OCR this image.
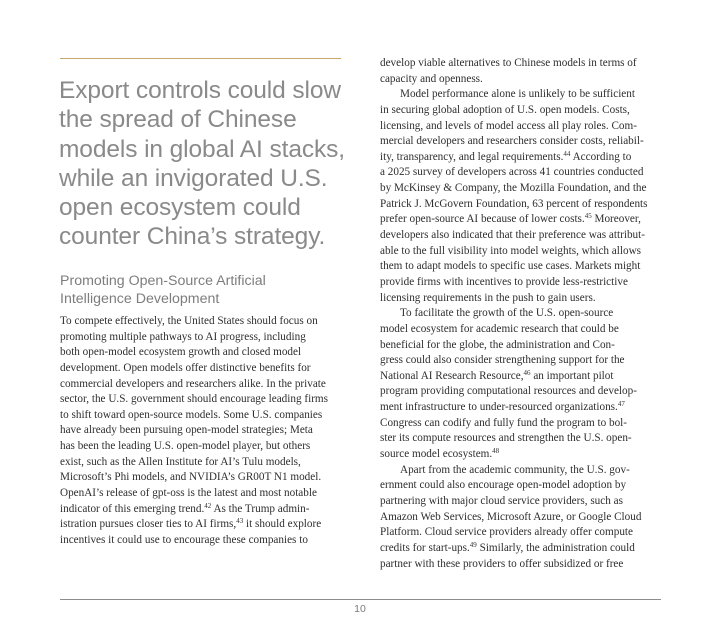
Export controls could slow the spread of Chinese models in global AI stacks, while an invigorated U.S. open ecosystem could counter China’s strategy.

Promoting Open-Source Artificial Intelligence Development
To compete effectively, the United States should focus on
promoting multiple pathways to AI progress, including
both open-model ecosystem growth and closed model
development. Open models offer distinctive benefits for
commercial developers and researchers alike. In the private
sector, the U.S. government should encourage leading firms
to shift toward open-source models. Some U.S. companies
have already been pursuing open-model strategies; Meta
has been the leading U.S. open-model player, but others
exist, such as the Allen Institute for AI’s Tulu models,
Microsoft’s Phi models, and NVIDIA’s GR00T N1 model.
OpenAI’s release of gpt-oss is the latest and most notable
indicator of this emerging trend.$^{42}$ As the Trump admin-
istration pursues closer ties to AI firms,$^{43}$ it should explore
incentives it could use to encourage these companies to
develop viable alternatives to Chinese models in terms of
capacity and openness.
Model performance alone is unlikely to be sufficient
in securing global adoption of U.S. open models. Costs,
licensing, and levels of model access all play roles. Com-
mercial developers and researchers consider costs, reliabil-
ity, transparency, and legal requirements.$^{44}$ According to
a 2025 survey of developers across 41 countries conducted
by McKinsey & Company, the Mozilla Foundation, and the
Patrick J. McGovern Foundation, 63 percent of respondents
prefer open-source AI because of lower costs.$^{45}$ Moreover,
developers also indicated that their preference was attribut-
able to the full visibility into model weights, which allows
them to adapt models to specific use cases. Markets might
provide firms with incentives to provide less-restrictive
licensing requirements in the push to gain users.
To facilitate the growth of the U.S. open-source
model ecosystem for academic research that could be
beneficial for the globe, the administration and Con-
gress could also consider strengthening support for the
National AI Research Resource,$^{46}$ an important pilot
program providing computational resources and develop-
ment infrastructure to under-resourced organizations.$^{47}$
Congress can codify and fully fund the program to bol-
ster its compute resources and strengthen the U.S. open-
source model ecosystem.$^{48}$
Apart from the academic community, the U.S. gov-
ernment could also encourage open-model adoption by
partnering with major cloud service providers, such as
Amazon Web Services, Microsoft Azure, or Google Cloud
Platform. Cloud service providers already offer compute
credits for start-ups.$^{49}$ Similarly, the administration could
partner with these providers to offer subsidized or free
10
